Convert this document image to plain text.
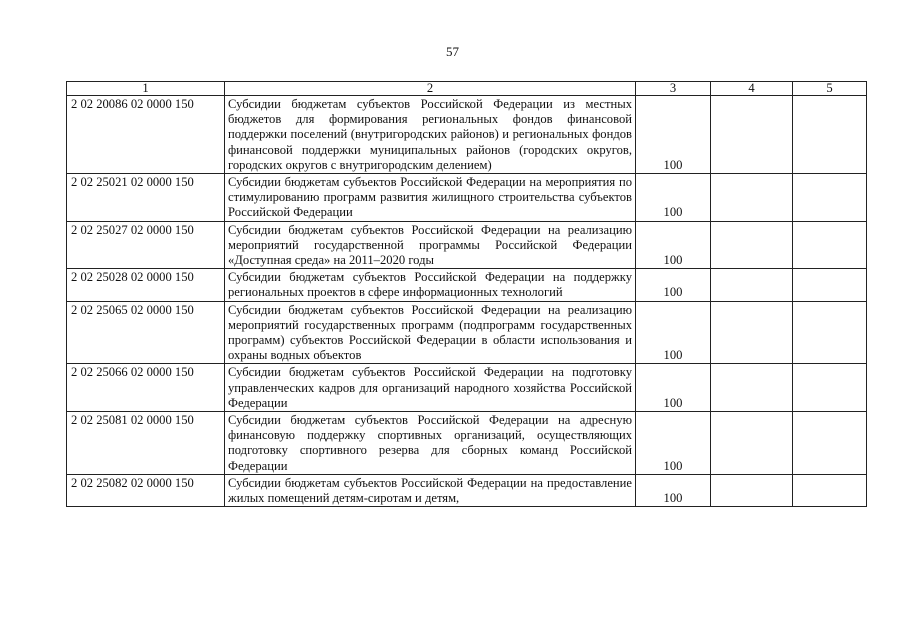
57
1	2	3	4	5
2 02 20086 02 0000 150	Субсидии бюджетам субъектов Российской Федерации из местных бюджетов для формирования региональных фондов финансовой поддержки поселений (внутригородских районов) и региональных фондов финансовой поддержки муниципальных районов (городских округов, городских округов с внутригородским делением)	100		
2 02 25021 02 0000 150	Субсидии бюджетам субъектов Российской Федерации на мероприятия по стимулированию программ развития жилищного строительства субъектов Российской Федерации	100		
2 02 25027 02 0000 150	Субсидии бюджетам субъектов Российской Федерации на реализацию мероприятий государственной программы Российской Федерации «Доступная среда» на 2011–2020 годы	100		
2 02 25028 02 0000 150	Субсидии бюджетам субъектов Российской Федерации на поддержку региональных проектов в сфере информационных технологий	100		
2 02 25065 02 0000 150	Субсидии бюджетам субъектов Российской Федерации на реализацию мероприятий государственных программ (подпрограмм государственных программ) субъектов Российской Федерации в области использования и охраны водных объектов	100		
2 02 25066 02 0000 150	Субсидии бюджетам субъектов Российской Федерации на подготовку управленческих кадров для организаций народного хозяйства Российской Федерации	100		
2 02 25081 02 0000 150	Субсидии бюджетам субъектов Российской Федерации на адресную финансовую поддержку спортивных организаций, осуществляющих подготовку спортивного резерва для сборных команд Российской Федерации	100		
2 02 25082 02 0000 150	Субсидии бюджетам субъектов Российской Федерации на предоставление жилых помещений детям-сиротам и детям,	100		
